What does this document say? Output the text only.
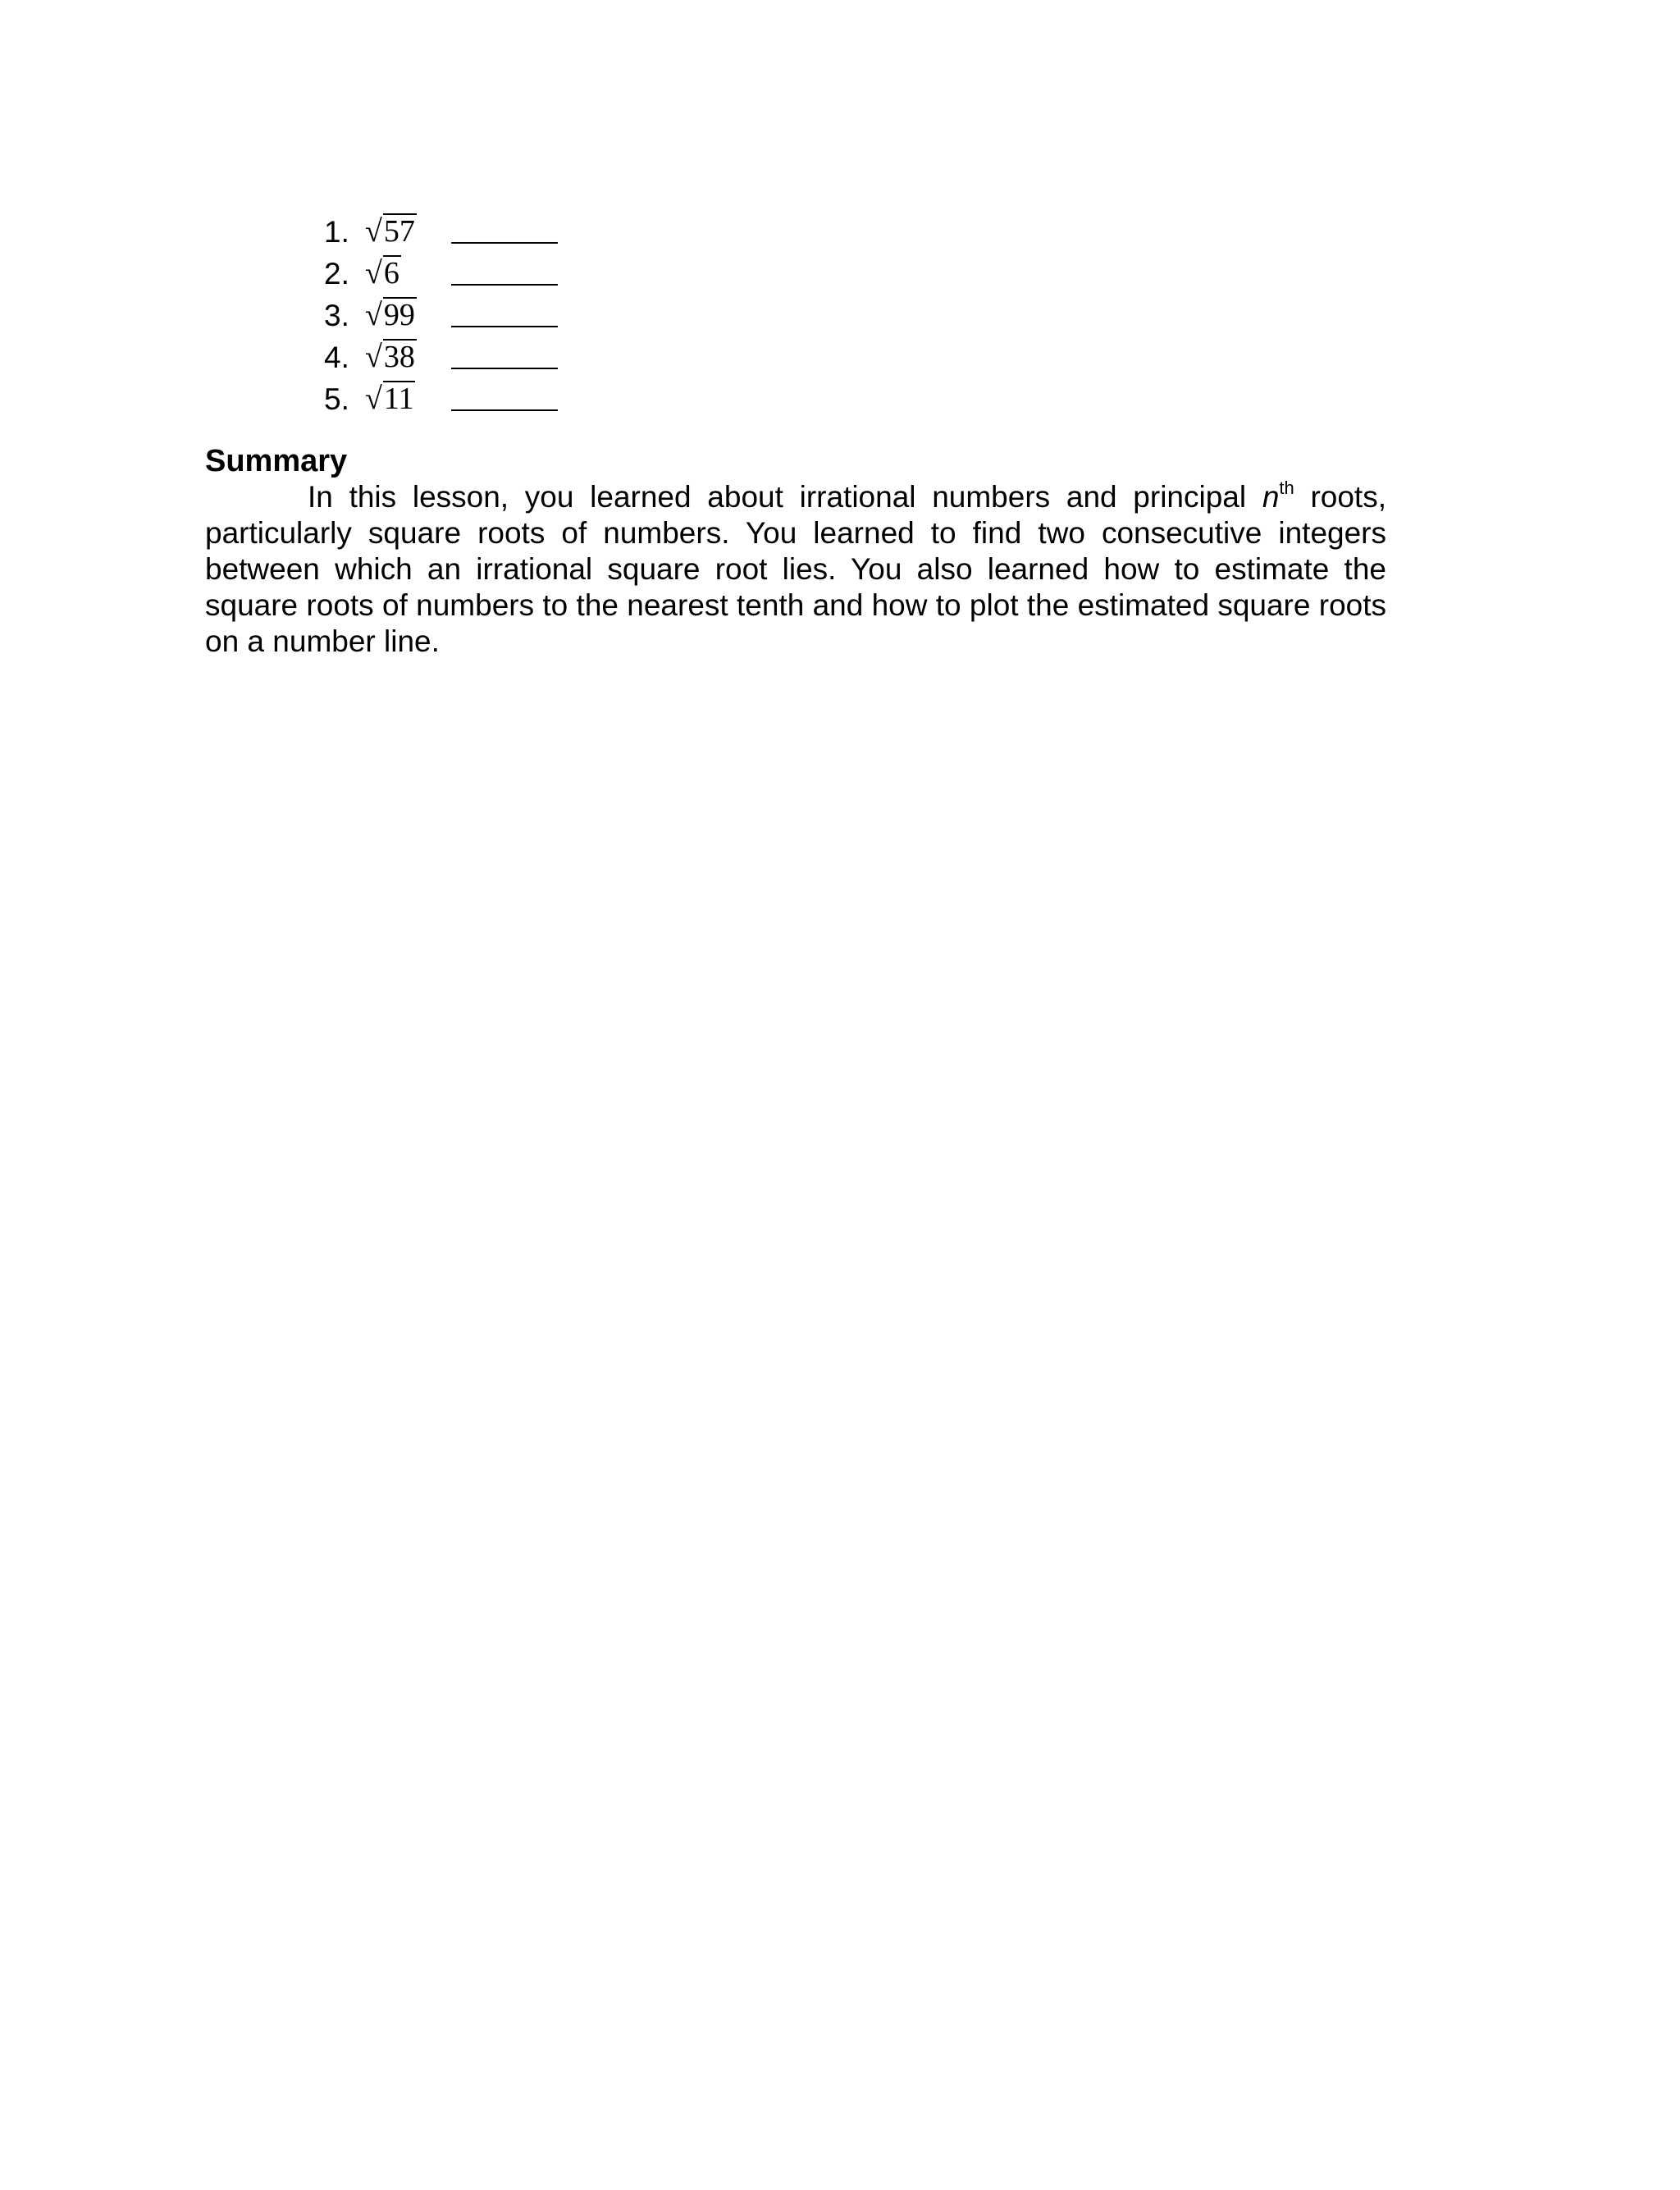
1. √ 57
2. √ 6
3. √ 99
4. √ 38
5. √ 11
Summary

In this lesson, you learned about irrational numbers and principal $n^{th}$ roots, particularly square roots of numbers. You learned to find two consecutive integers between which an irrational square root lies. You also learned how to estimate the square roots of numbers to the nearest tenth and how to plot the estimated square roots on a number line.
